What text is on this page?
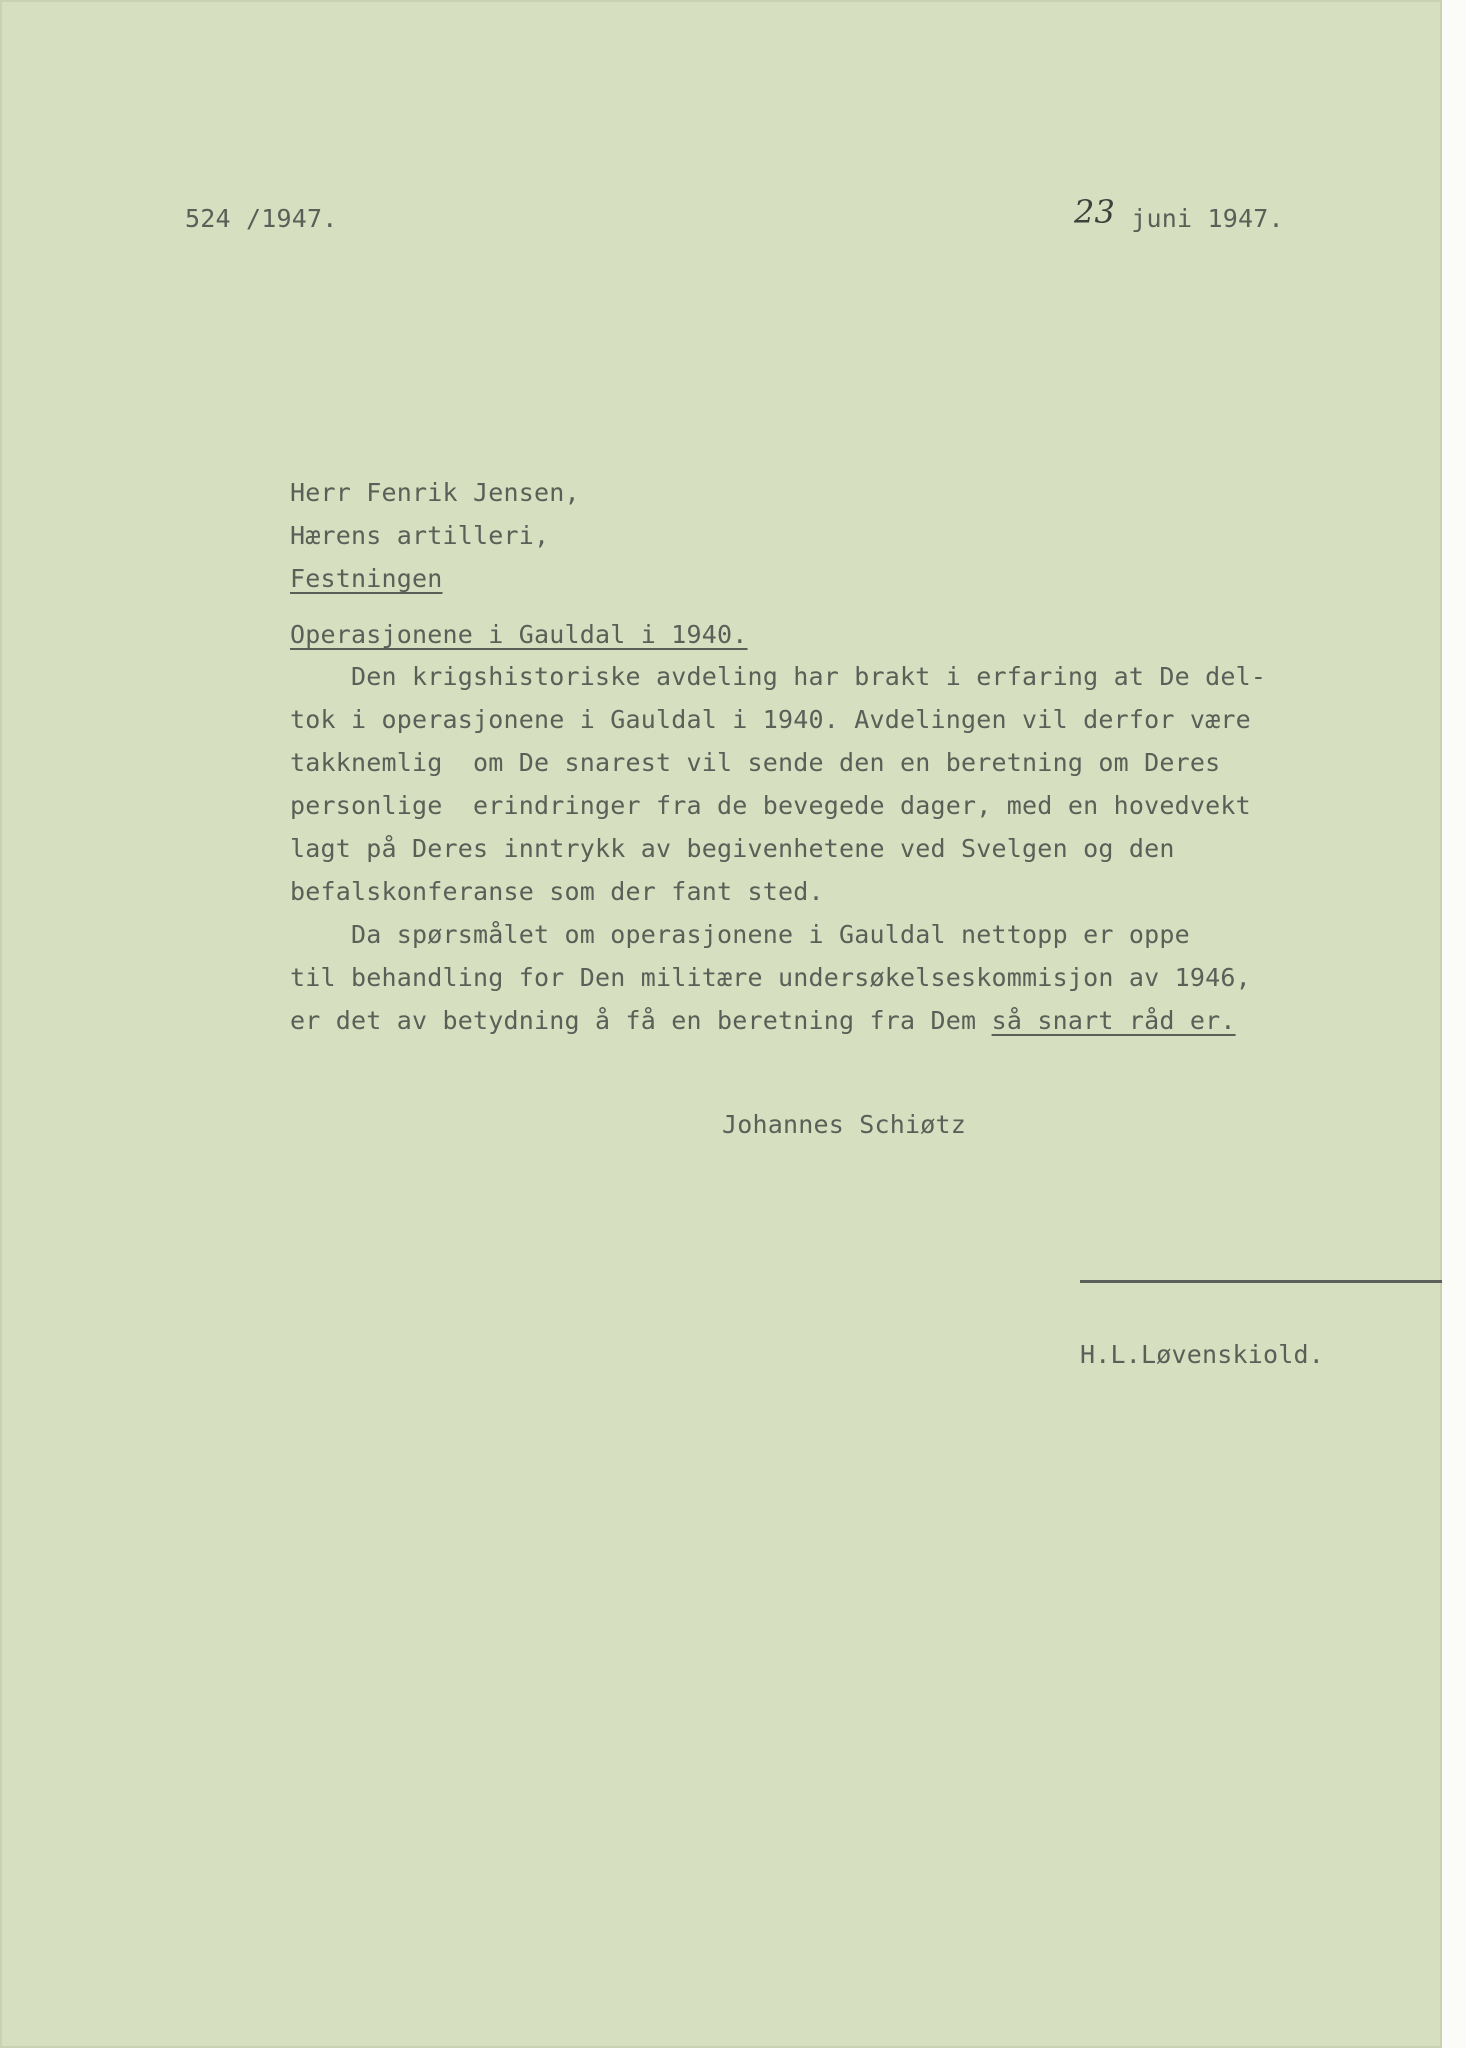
524 /1947.	23 juni 1947.
Herr Fenrik Jensen,
Hærens artilleri,
Festningen
Operasjonene i Gauldal i 1940.
Den krigshistoriske avdeling har brakt i erfaring at De del-
tok i operasjonene i Gauldal i 1940. Avdelingen vil derfor være
takknemlig  om De snarest vil sende den en beretning om Deres
personlige  erindringer fra de bevegede dager, med en hovedvekt
lagt på Deres inntrykk av begivenhetene ved Svelgen og den
befalskonferanse som der fant sted.
Da spørsmålet om operasjonene i Gauldal nettopp er oppe
til behandling for Den militære undersøkelseskommisjon av 1946,
er det av betydning å få en beretning fra Dem så snart råd er.
Johannes Schiøtz
H.L.Løvenskiold.
